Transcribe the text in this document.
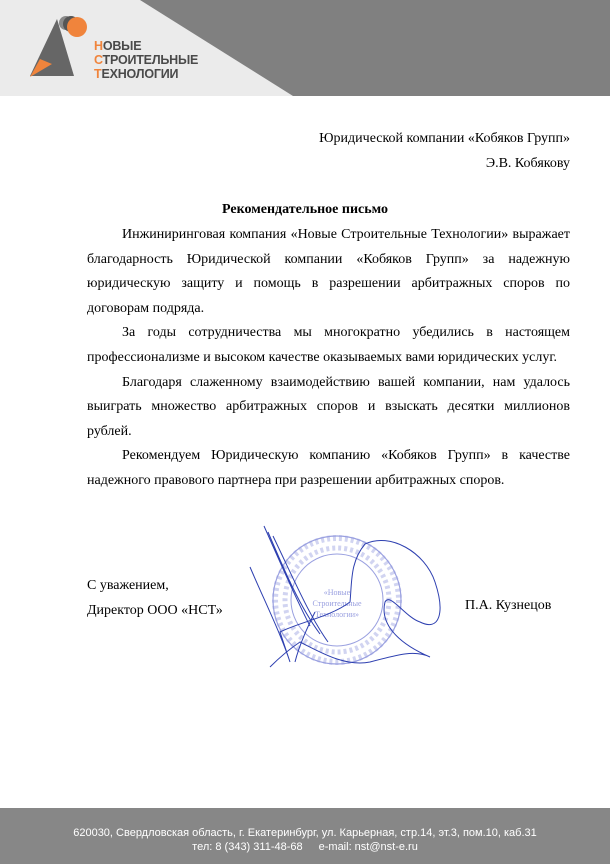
НОВЫЕ
СТРОИТЕЛЬНЫЕ
ТЕХНОЛОГИИ
Юридической компании «Кобяков Групп»
Э.В. Кобякову
Рекомендательное письмо

Инжиниринговая компания «Новые Строительные Технологии» выражает благодарность Юридической компании «Кобяков Групп» за надежную юридическую защиту и помощь в разрешении арбитражных споров по договорам подряда.

За годы сотрудничества мы многократно убедились в настоящем профессионализме и высоком качестве оказываемых вами юридических услуг.

Благодаря слаженному взаимодействию вашей компании, нам удалось выиграть множество арбитражных споров и взыскать десятки миллионов рублей.

Рекомендуем Юридическую компанию «Кобяков Групп» в качестве надежного правового партнера при разрешении арбитражных споров.

«Новые
Строительные
Технологии»
С уважением,
Директор ООО «НСТ»	П.А. Кузнецов
620030, Свердловская область, г. Екатеринбург, ул. Карьерная, стр.14, эт.3, пом.10, каб.31
тел: 8 (343) 311-48-68 e-mail: nst@nst-e.ru
